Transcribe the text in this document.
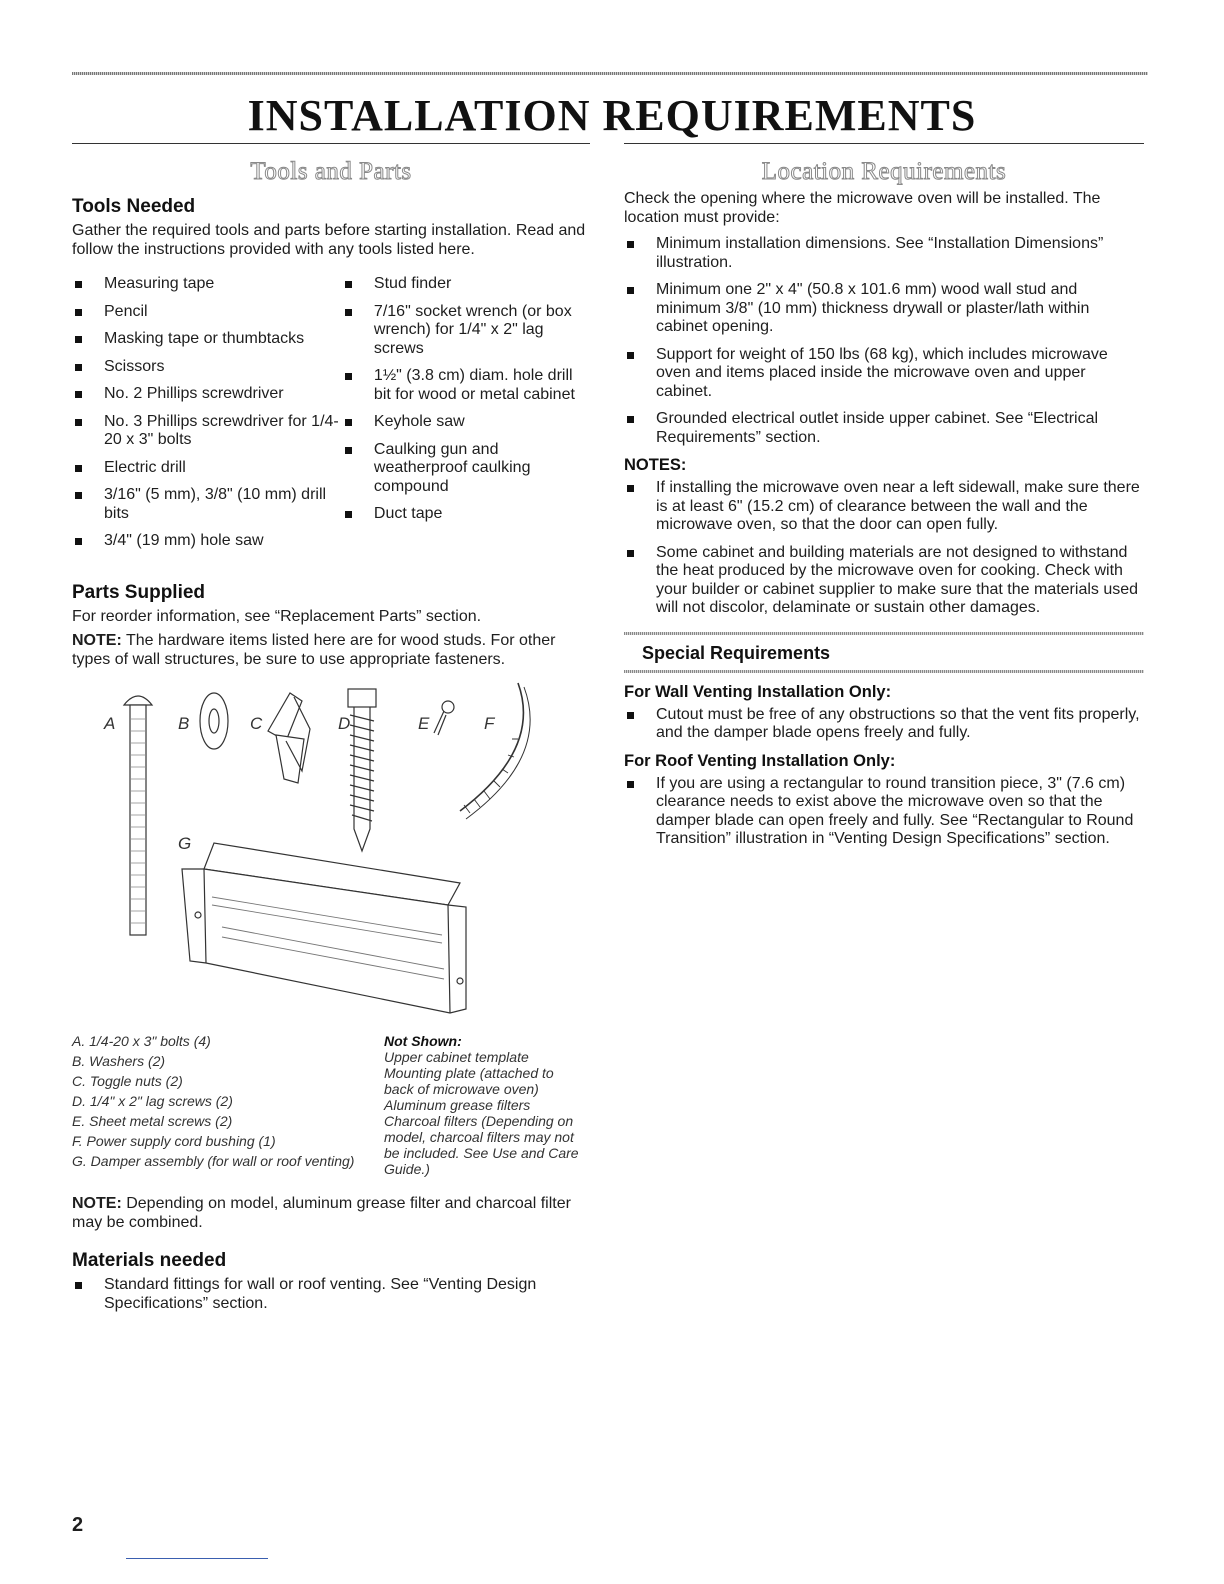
INSTALLATION REQUIREMENTS
Tools and Parts
Tools Needed

Gather the required tools and parts before starting installation. Read and follow the instructions provided with any tools listed here.

Measuring tape
Pencil
Masking tape or thumbtacks
Scissors
No. 2 Phillips screwdriver
No. 3 Phillips screwdriver for 1/4-20 x 3" bolts
Electric drill
3/16" (5 mm), 3/8" (10 mm) drill bits
3/4" (19 mm) hole saw
Stud finder
7/16" socket wrench (or box wrench) for 1/4" x 2" lag screws
1½" (3.8 cm) diam. hole drill bit for wood or metal cabinet
Keyhole saw
Caulking gun and weatherproof caulking compound
Duct tape
Parts Supplied

For reorder information, see “Replacement Parts” section.

NOTE: The hardware items listed here are for wood studs. For other types of wall structures, be sure to use appropriate fasteners.

A	B	C	D	E	F
G
A. 1/4-20 x 3" bolts (4)
B. Washers (2)
C. Toggle nuts (2)
D. 1/4" x 2" lag screws (2)
E. Sheet metal screws (2)
F. Power supply cord bushing (1)
G. Damper assembly (for wall or roof venting)
Not Shown:
Upper cabinet template
Mounting plate (attached to back of microwave oven)
Aluminum grease filters
Charcoal filters (Depending on model, charcoal filters may not be included. See Use and Care Guide.)

NOTE: Depending on model, aluminum grease filter and charcoal filter may be combined.

Materials needed
Standard fittings for wall or roof venting. See “Venting Design Specifications” section.
Location Requirements

Check the opening where the microwave oven will be installed. The location must provide:

Minimum installation dimensions. See “Installation Dimensions” illustration.
Minimum one 2" x 4" (50.8 x 101.6 mm) wood wall stud and minimum 3/8" (10 mm) thickness drywall or plaster/lath within cabinet opening.
Support for weight of 150 lbs (68 kg), which includes microwave oven and items placed inside the microwave oven and upper cabinet.
Grounded electrical outlet inside upper cabinet. See “Electrical Requirements” section.
NOTES:
If installing the microwave oven near a left sidewall, make sure there is at least 6" (15.2 cm) of clearance between the wall and the microwave oven, so that the door can open fully.
Some cabinet and building materials are not designed to withstand the heat produced by the microwave oven for cooking. Check with your builder or cabinet supplier to make sure that the materials used will not discolor, delaminate or sustain other damages.
Special Requirements
For Wall Venting Installation Only:
Cutout must be free of any obstructions so that the vent fits properly, and the damper blade opens freely and fully.
For Roof Venting Installation Only:
If you are using a rectangular to round transition piece, 3" (7.6 cm) clearance needs to exist above the microwave oven so that the damper blade can open freely and fully. See “Rectangular to Round Transition” illustration in “Venting Design Specifications” section.
2
